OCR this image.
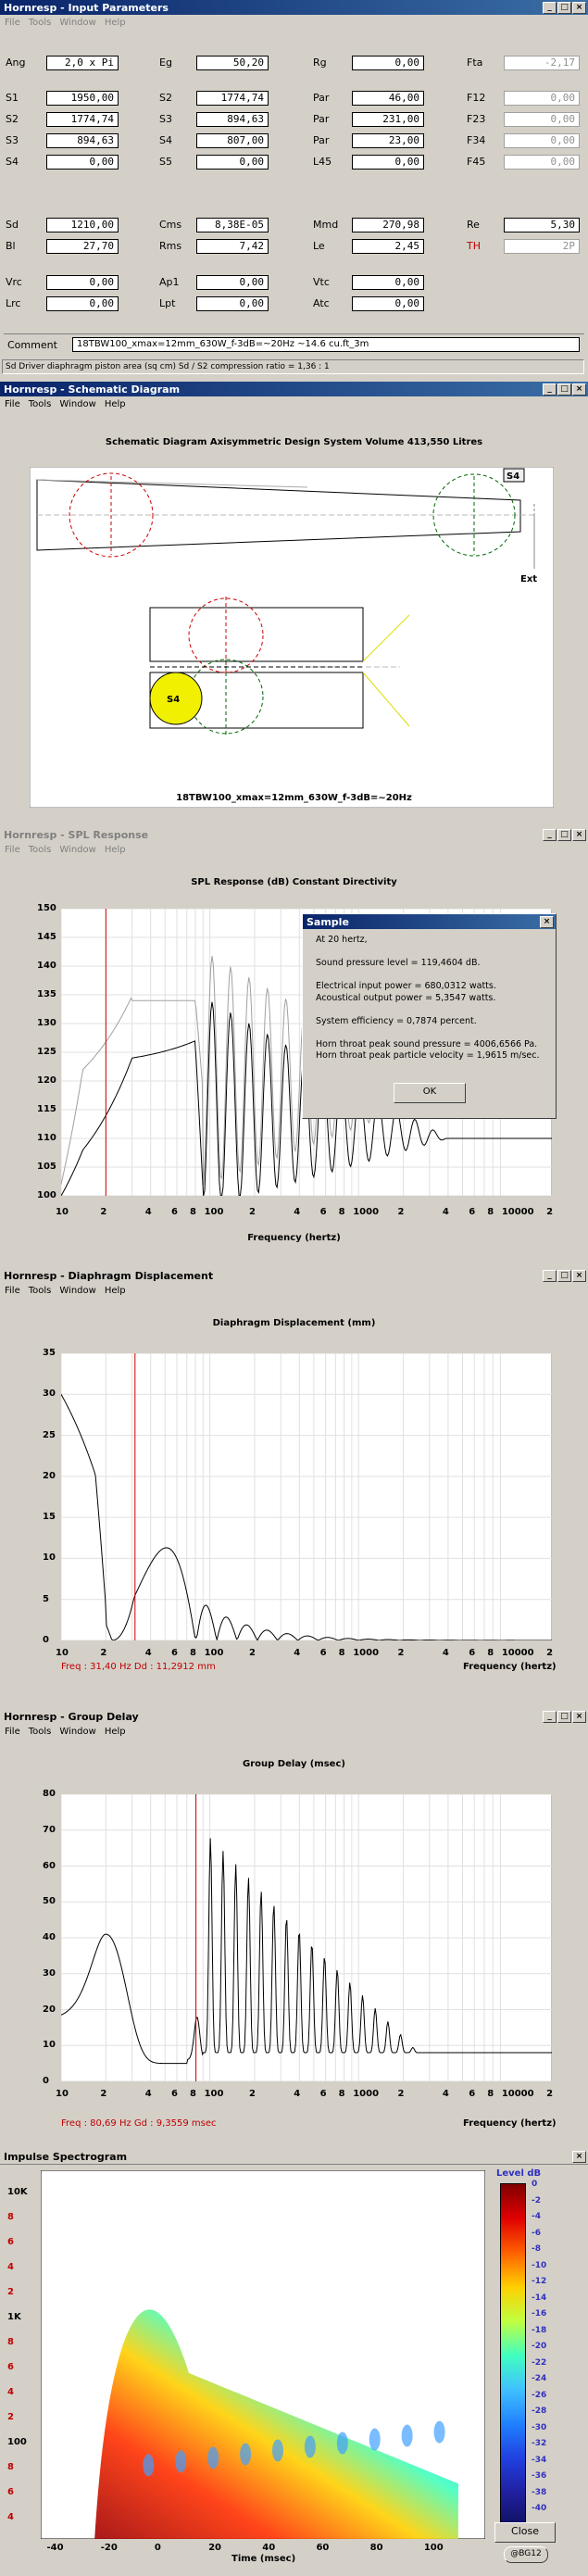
Hornresp - Input Parameters	_	□ ×
File Tools Window Help
Ang	2,0 x Pi	Eg	50,20	Rg	0,00	Fta	-2,17
S1	1950,00	S2	1774,74	Par	46,00	F12	0,00
S2	1774,74	S3	894,63	Par	231,00	F23	0,00
S3	894,63	S4	807,00	Par	23,00	F34	0,00
S4	0,00	S5	0,00	L45	0,00	F45	0,00
Sd	1210,00	Cms	8,38E-05	Mmd	270,98	Re	5,30
Bl	27,70	Rms	7,42	Le	2,45	TH	2P
Vrc	0,00	Ap1	0,00	Vtc	0,00
Lrc	0,00	Lpt	0,00	Atc	0,00
Comment	18TBW100_xmax=12mm_630W_f-3dB=~20Hz ~14.6 cu.ft_3m
Sd Driver diaphragm piston area (sq cm) Sd / S2 compression ratio = 1,36 : 1
Hornresp - Schematic Diagram	_	□ ×
File Tools Window Help
Schematic Diagram Axisymmetric Design System Volume 413,550 Litres
S4
Ext
S4
18TBW100_xmax=12mm_630W_f-3dB=~20Hz
Hornresp - SPL Response	_	□ ×
File Tools Window Help
SPL Response (dB) Constant Directivity
150
145
140
135
130
125
120
115
110
105
100
10	2	4 6 8 100	2	4 6 8 1000 2	4 6 8 10000 2
Frequency (hertz)
Sample	×
At 20 hertz,

Sound pressure level = 119,4604 dB.

Electrical input power = 680,0312 watts.
Acoustical output power = 5,3547 watts.

System efficiency = 0,7874 percent.

Horn throat peak sound pressure = 4006,6566 Pa.
Horn throat peak particle velocity = 1,9615 m/sec.
OK
Hornresp - Diaphragm Displacement	_	□ ×
File Tools Window Help
Diaphragm Displacement (mm)
35
30
25
20
15
10
5
0
10	2	4 6 8 100	2	4 6 8 1000 2	4 6 8 10000 2
Freq : 31,40 Hz Dd : 11,2912 mm	Frequency (hertz)
Hornresp - Group Delay	_	□ ×
File Tools Window Help
Group Delay (msec)
80
70
60
50
40
30
20
10
0
10	2	4 6 8 100	2	4 6 8 1000 2	4 6 8 10000 2
Freq : 80,69 Hz Gd : 9,3559 msec	Frequency (hertz)
Impulse Spectrogram	×
10K
8
6
4
2
1K
8
6
4
2
100
8
6
4
-40	-20	0	20	40	60	80	100
Time (msec)
Level dB
0
-2
-4
-6
-8
-10
-12
-14
-16
-18
-20
-22
-24
-26
-28
-30
-32
-34
-36
-38
-40
Close
@BG12
